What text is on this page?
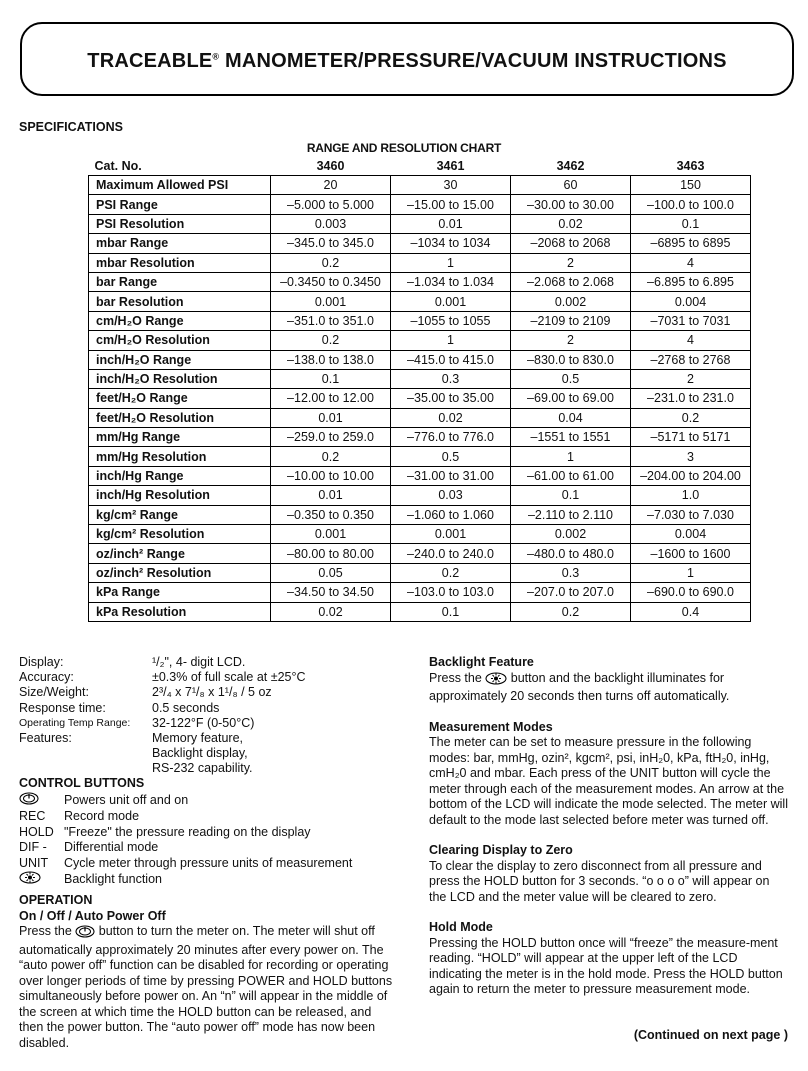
TRACEABLE® MANOMETER/PRESSURE/VACUUM INSTRUCTIONS
SPECIFICATIONS
RANGE AND RESOLUTION CHART
Cat. No.	3460	3461	3462	3463
Maximum Allowed PSI	20	30	60	150
PSI Range	–5.000 to 5.000	–15.00 to 15.00	–30.00 to 30.00	–100.0 to 100.0
PSI Resolution	0.003	0.01	0.02	0.1
mbar Range	–345.0 to 345.0	–1034 to 1034	–2068 to 2068	–6895 to 6895
mbar Resolution	0.2	1	2	4
bar Range	–0.3450 to 0.3450	–1.034 to 1.034	–2.068 to 2.068	–6.895 to 6.895
bar Resolution	0.001	0.001	0.002	0.004
cm/H₂O Range	–351.0 to 351.0	–1055 to 1055	–2109 to 2109	–7031 to 7031
cm/H₂O Resolution	0.2	1	2	4
inch/H₂O Range	–138.0 to 138.0	–415.0 to 415.0	–830.0 to 830.0	–2768 to 2768
inch/H₂O Resolution	0.1	0.3	0.5	2
feet/H₂O Range	–12.00 to 12.00	–35.00 to 35.00	–69.00 to 69.00	–231.0 to 231.0
feet/H₂O Resolution	0.01	0.02	0.04	0.2
mm/Hg Range	–259.0 to 259.0	–776.0 to 776.0	–1551 to 1551	–5171 to 5171
mm/Hg Resolution	0.2	0.5	1	3
inch/Hg Range	–10.00 to 10.00	–31.00 to 31.00	–61.00 to 61.00	–204.00 to 204.00
inch/Hg Resolution	0.01	0.03	0.1	1.0
kg/cm² Range	–0.350 to 0.350	–1.060 to 1.060	–2.110 to 2.110	–7.030 to 7.030
kg/cm² Resolution	0.001	0.001	0.002	0.004
oz/inch² Range	–80.00 to 80.00	–240.0 to 240.0	–480.0 to 480.0	–1600 to 1600
oz/inch² Resolution	0.05	0.2	0.3	1
kPa Range	–34.50 to 34.50	–103.0 to 103.0	–207.0 to 207.0	–690.0 to 690.0
kPa Resolution	0.02	0.1	0.2	0.4
Display:	¹/₂", 4- digit LCD.
Accuracy:	±0.3% of full scale at ±25°C
Size/Weight:	2³/₄ x 7¹/₈ x 1¹/₈ / 5 oz
Response time:	0.5 seconds
Operating Temp Range:	32-122°F (0-50°C)
Features:	Memory feature,
Backlight display,
RS-232 capability.
CONTROL BUTTONS
Powers unit off and on
REC	Record mode
HOLD "Freeze" the pressure reading on the display
DIF -	Differential mode
UNIT	Cycle meter through pressure units of measurement
Backlight function
OPERATION
On / Off / Auto Power Off
Press the  button to turn the meter on. The meter will shut off automatically approximately 20 minutes after every power on. The “auto power off” function can be disabled for recording or operating over longer periods of time by pressing POWER and HOLD buttons simultaneously before power on. An “n” will appear in the middle of the screen at which time the HOLD button can be released, and then the power button. The “auto power off” mode has now been disabled.
Backlight Feature

Press the  button and the backlight illuminates for approximately 20 seconds then turns off automatically.

Measurement Modes

The meter can be set to measure pressure in the following modes: bar, mmHg, ozin², kgcm², psi, inH₂0, kPa, ftH₂0, inHg, cmH₂0 and mbar. Each press of the UNIT button will cycle the meter through each of the measurement modes. An arrow at the bottom of the LCD will indicate the mode selected. The meter will default to the mode last selected before meter was turned off.

Clearing Display to Zero

To clear the display to zero disconnect from all pressure and press the HOLD button for 3 seconds. “o o o o” will appear on the LCD and the meter value will be cleared to zero.

Hold Mode

Pressing the HOLD button once will “freeze” the measure-ment reading. “HOLD” will appear at the upper left of the LCD indicating the meter is in the hold mode. Press the HOLD button again to return the meter to pressure measurement mode.

(Continued on next page )
